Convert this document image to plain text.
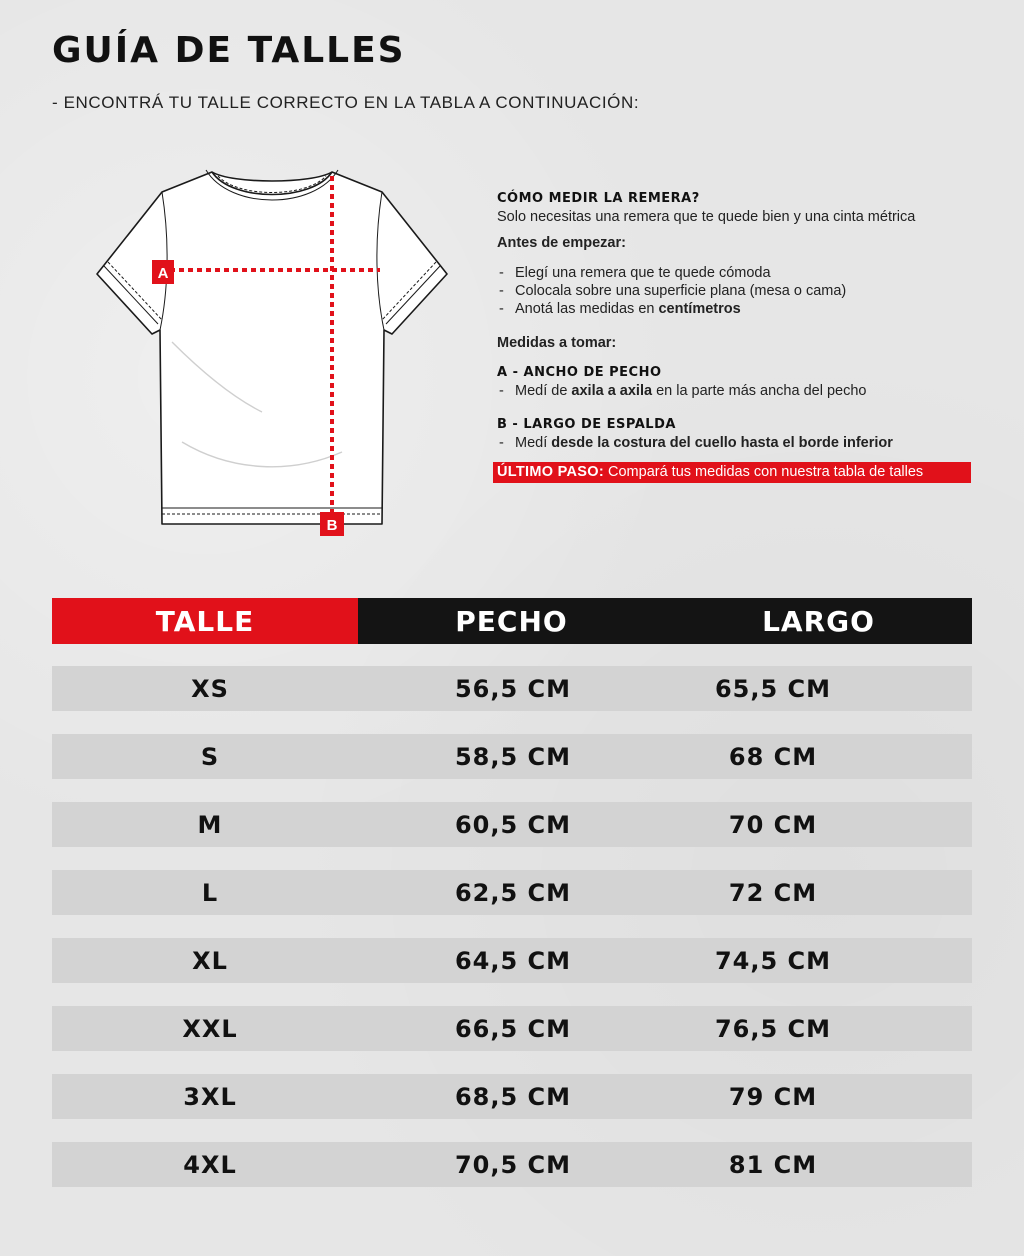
GUÍA DE TALLES
- ENCONTRÁ TU TALLE CORRECTO EN LA TABLA A CONTINUACIÓN:
A
B
CÓMO MEDIR LA REMERA?
Solo necesitas una remera que te quede bien y una cinta métrica
Antes de empezar:
- Elegí una remera que te quede cómoda
- Colocala sobre una superficie plana (mesa o cama)
- Anotá las medidas en centímetros
Medidas a tomar:
A - ANCHO DE PECHO
- Medí de axila a axila en la parte más ancha del pecho
B - LARGO DE ESPALDA
- Medí desde la costura del cuello hasta el borde inferior
ÚLTIMO PASO: Compará tus medidas con nuestra tabla de talles
TALLE	PECHO	LARGO
XS	56,5 CM	65,5 CM
S	58,5 CM	68 CM
M	60,5 CM	70 CM
L	62,5 CM	72 CM
XL	64,5 CM	74,5 CM
XXL	66,5 CM	76,5 CM
3XL	68,5 CM	79 CM
4XL	70,5 CM	81 CM
